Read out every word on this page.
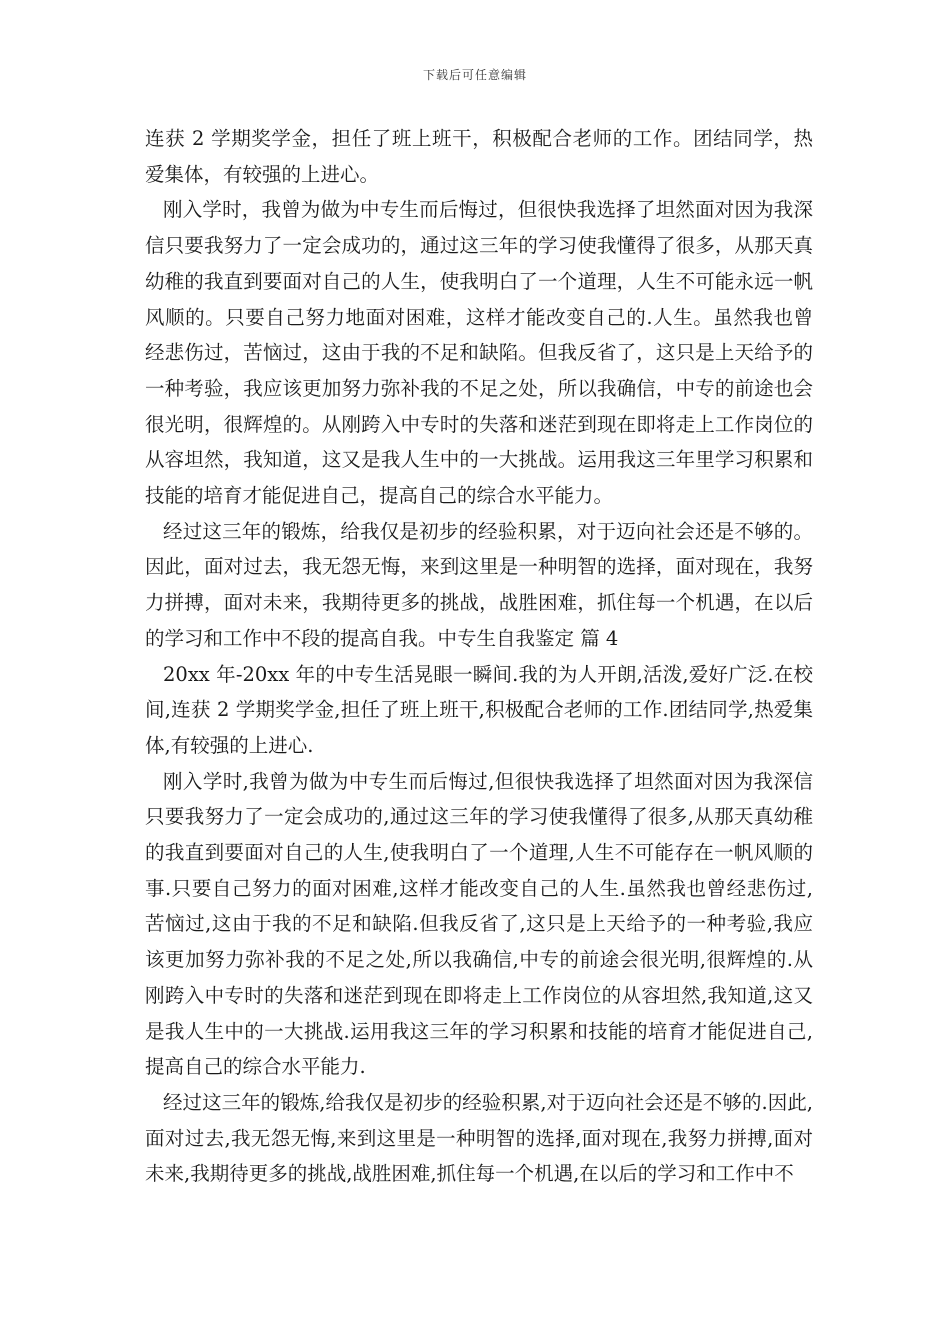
下载后可任意编辑

连获 2 学期奖学金，担任了班上班干，积极配合老师的工作。团结同学，热爱集体，有较强的上进心。

刚入学时，我曾为做为中专生而后悔过，但很快我选择了坦然面对因为我深信只要我努力了一定会成功的，通过这三年的学习使我懂得了很多，从那天真幼稚的我直到要面对自己的人生，使我明白了一个道理，人生不可能永远一帆风顺的。只要自己努力地面对困难，这样才能改变自己的.人生。虽然我也曾经悲伤过，苦恼过，这由于我的不足和缺陷。但我反省了，这只是上天给予的一种考验，我应该更加努力弥补我的不足之处，所以我确信，中专的前途也会很光明，很辉煌的。从刚跨入中专时的失落和迷茫到现在即将走上工作岗位的从容坦然，我知道，这又是我人生中的一大挑战。运用我这三年里学习积累和技能的培育才能促进自己，提高自己的综合水平能力。

经过这三年的锻炼，给我仅是初步的经验积累，对于迈向社会还是不够的。因此，面对过去，我无怨无悔，来到这里是一种明智的选择，面对现在，我努力拼搏，面对未来，我期待更多的挑战，战胜困难，抓住每一个机遇，在以后的学习和工作中不段的提高自我。中专生自我鉴定 篇 4

20xx 年-20xx 年的中专生活晃眼一瞬间.我的为人开朗,活泼,爱好广泛.在校间,连获 2 学期奖学金,担任了班上班干,积极配合老师的工作.团结同学,热爱集体,有较强的上进心.

刚入学时,我曾为做为中专生而后悔过,但很快我选择了坦然面对因为我深信只要我努力了一定会成功的,通过这三年的学习使我懂得了很多,从那天真幼稚的我直到要面对自己的人生,使我明白了一个道理,人生不可能存在一帆风顺的事.只要自己努力的面对困难,这样才能改变自己的人生.虽然我也曾经悲伤过,苦恼过,这由于我的不足和缺陷.但我反省了,这只是上天给予的一种考验,我应该更加努力弥补我的不足之处,所以我确信,中专的前途会很光明,很辉煌的.从刚跨入中专时的失落和迷茫到现在即将走上工作岗位的从容坦然,我知道,这又是我人生中的一大挑战.运用我这三年的学习积累和技能的培育才能促进自己,提高自己的综合水平能力.

经过这三年的锻炼,给我仅是初步的经验积累,对于迈向社会还是不够的.因此,面对过去,我无怨无悔,来到这里是一种明智的选择,面对现在,我努力拼搏,面对未来,我期待更多的挑战,战胜困难,抓住每一个机遇,在以后的学习和工作中不
